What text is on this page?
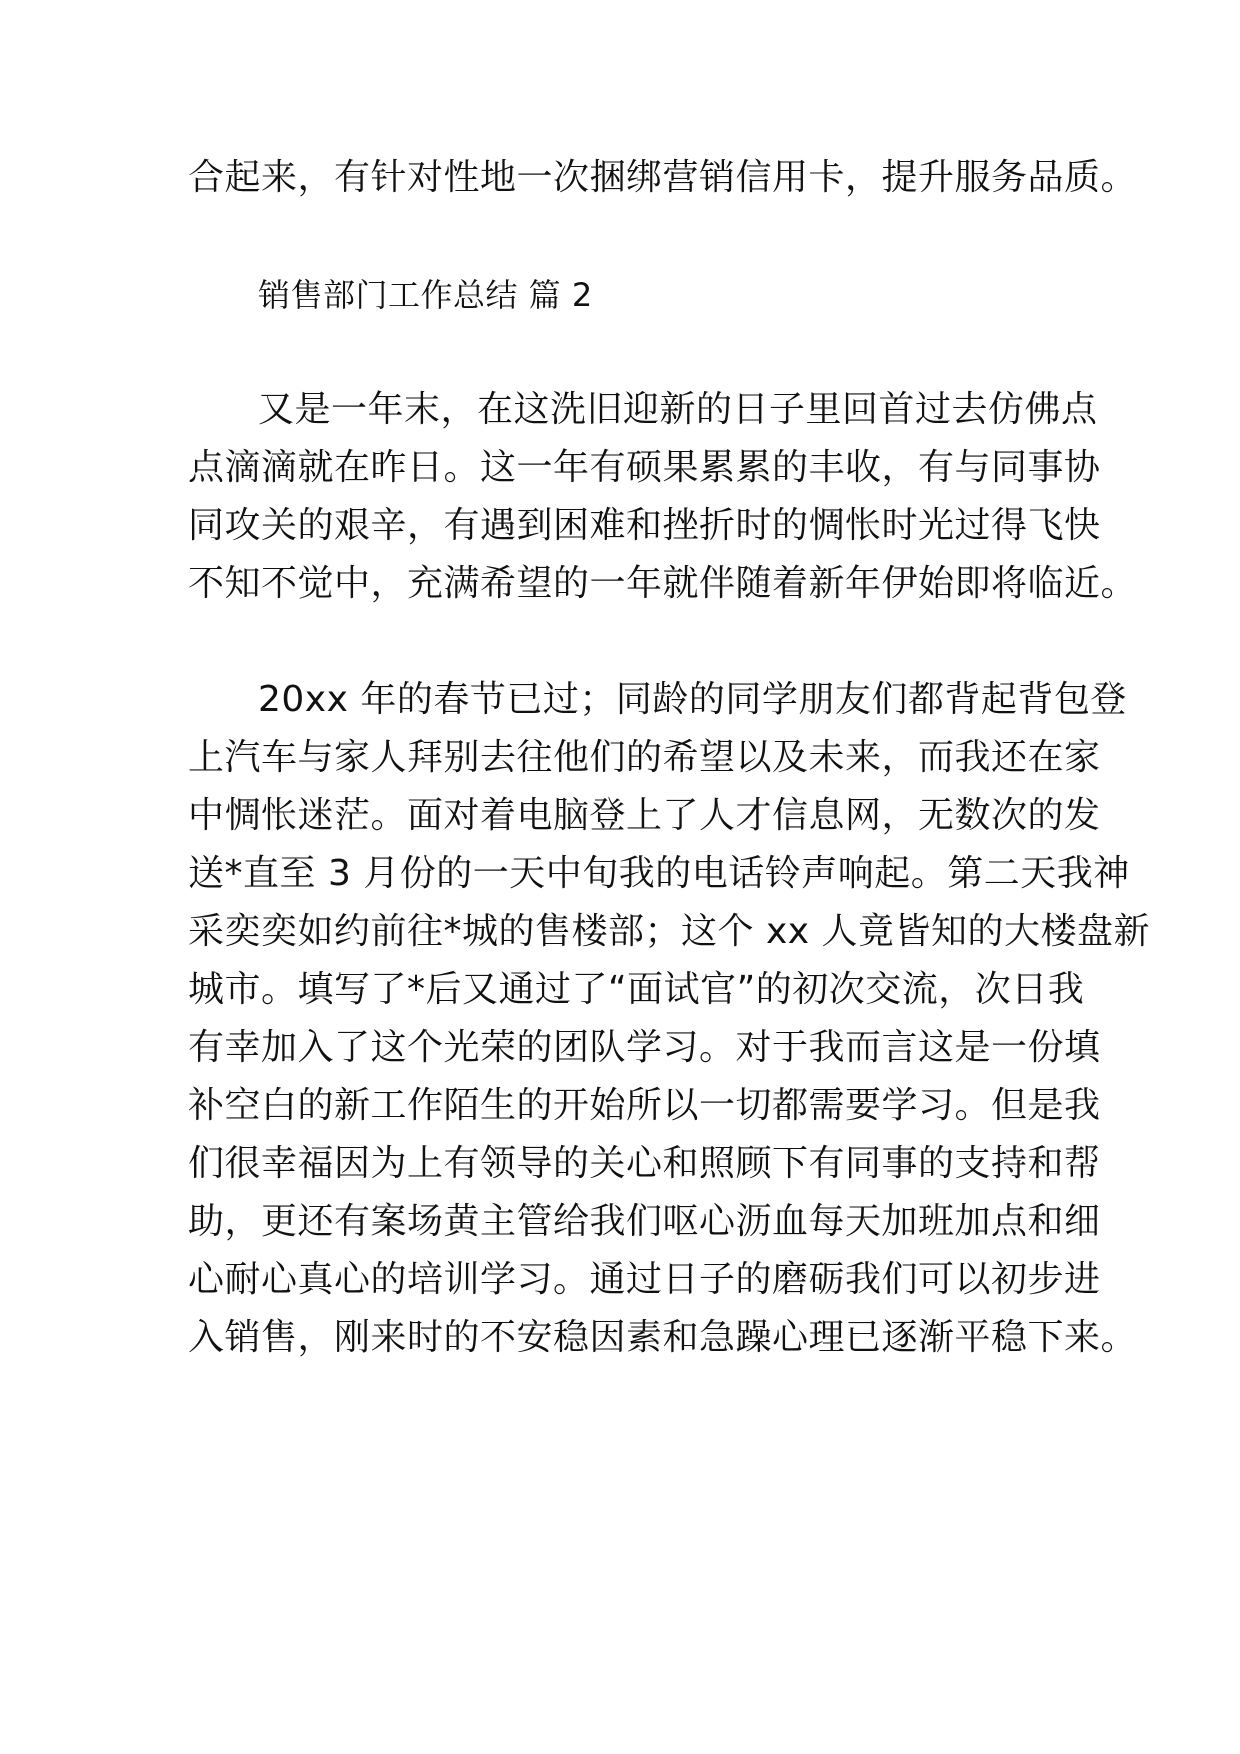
合起来，有针对性地一次捆绑营销信用卡，提升服务品质。
销售部门工作总结 篇 2
又是一年末，在这洗旧迎新的日子里回首过去仿佛点
点滴滴就在昨日。这一年有硕果累累的丰收，有与同事协
同攻关的艰辛，有遇到困难和挫折时的惆怅时光过得飞快
不知不觉中，充满希望的一年就伴随着新年伊始即将临近。
20xx 年的春节已过；同龄的同学朋友们都背起背包登
上汽车与家人拜别去往他们的希望以及未来，而我还在家
中惆怅迷茫。面对着电脑登上了人才信息网，无数次的发
送*直至 3 月份的一天中旬我的电话铃声响起。第二天我神
采奕奕如约前往*城的售楼部；这个 xx 人竟皆知的大楼盘新
城市。填写了*后又通过了“面试官”的初次交流，次日我
有幸加入了这个光荣的团队学习。对于我而言这是一份填
补空白的新工作陌生的开始所以一切都需要学习。但是我
们很幸福因为上有领导的关心和照顾下有同事的支持和帮
助，更还有案场黄主管给我们呕心沥血每天加班加点和细
心耐心真心的培训学习。通过日子的磨砺我们可以初步进
入销售，刚来时的不安稳因素和急躁心理已逐渐平稳下来。
